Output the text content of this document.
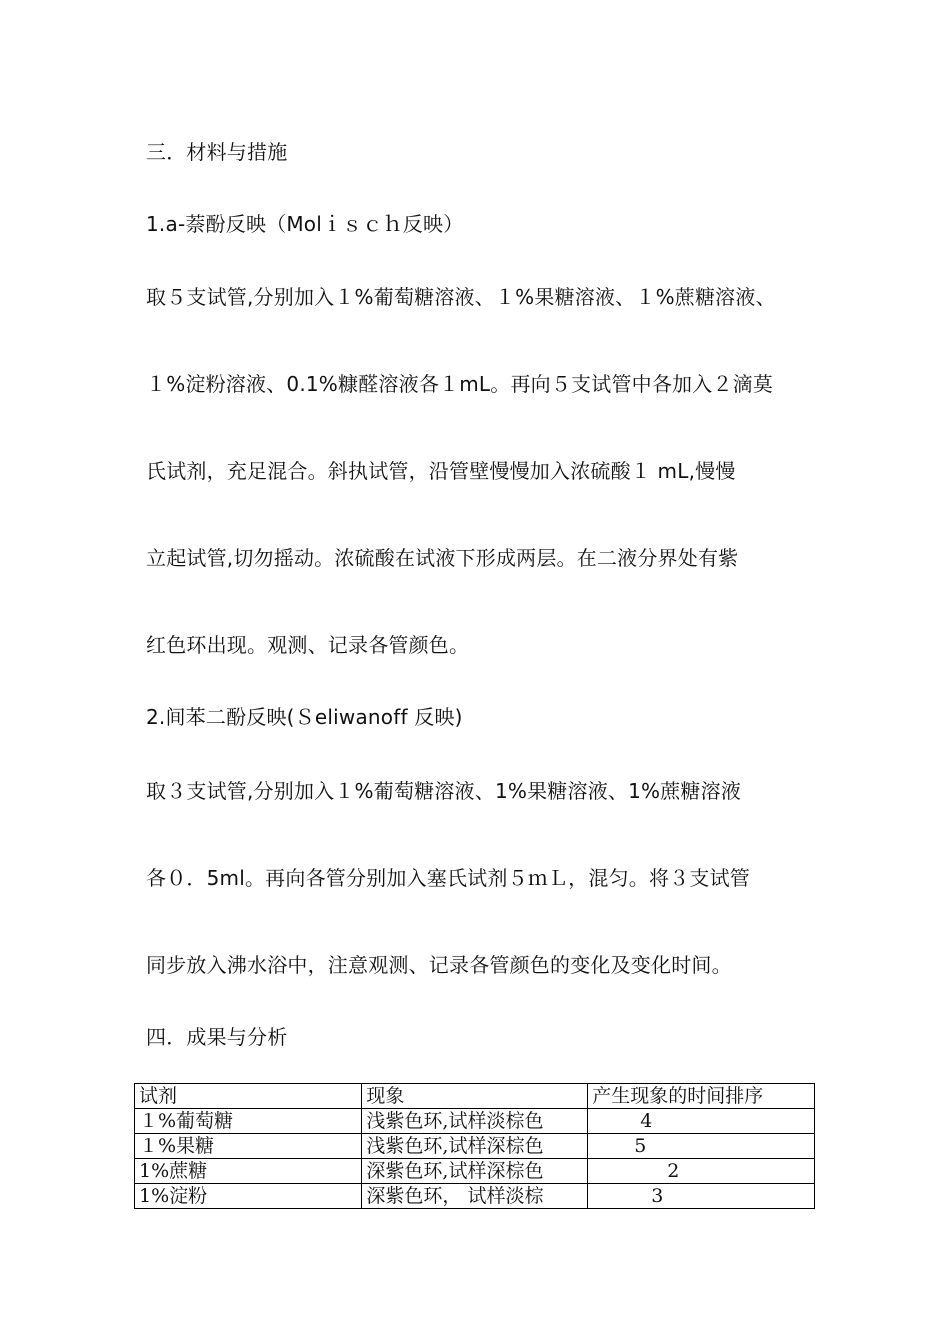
三．材料与措施
1.a-萘酚反映（Molｉｓｃｈ反映）
取５支试管,分别加入１%葡萄糖溶液、１%果糖溶液、１%蔗糖溶液、
１%淀粉溶液、0.1%糠醛溶液各１mL。再向５支试管中各加入２滴莫
氏试剂，充足混合。斜执试管，沿管壁慢慢加入浓硫酸１ mL,慢慢
立起试管,切勿摇动。浓硫酸在试液下形成两层。在二液分界处有紫
红色环出现。观测、记录各管颜色。
2.间苯二酚反映(Ｓeliwanoff 反映)
取３支试管,分别加入１%葡萄糖溶液、1%果糖溶液、1%蔗糖溶液
各０．5ml。再向各管分别加入塞氏试剂５ｍＬ，混匀。将３支试管
同步放入沸水浴中，注意观测、记录各管颜色的变化及变化时间。
四．成果与分析
试剂	现象	产生现象的时间排序
１%葡萄糖	浅紫色环,试样淡棕色	4
１%果糖	浅紫色环,试样深棕色	5
1%蔗糖	深紫色环,试样深棕色	2
1%淀粉	深紫色环， 试样淡棕	3
